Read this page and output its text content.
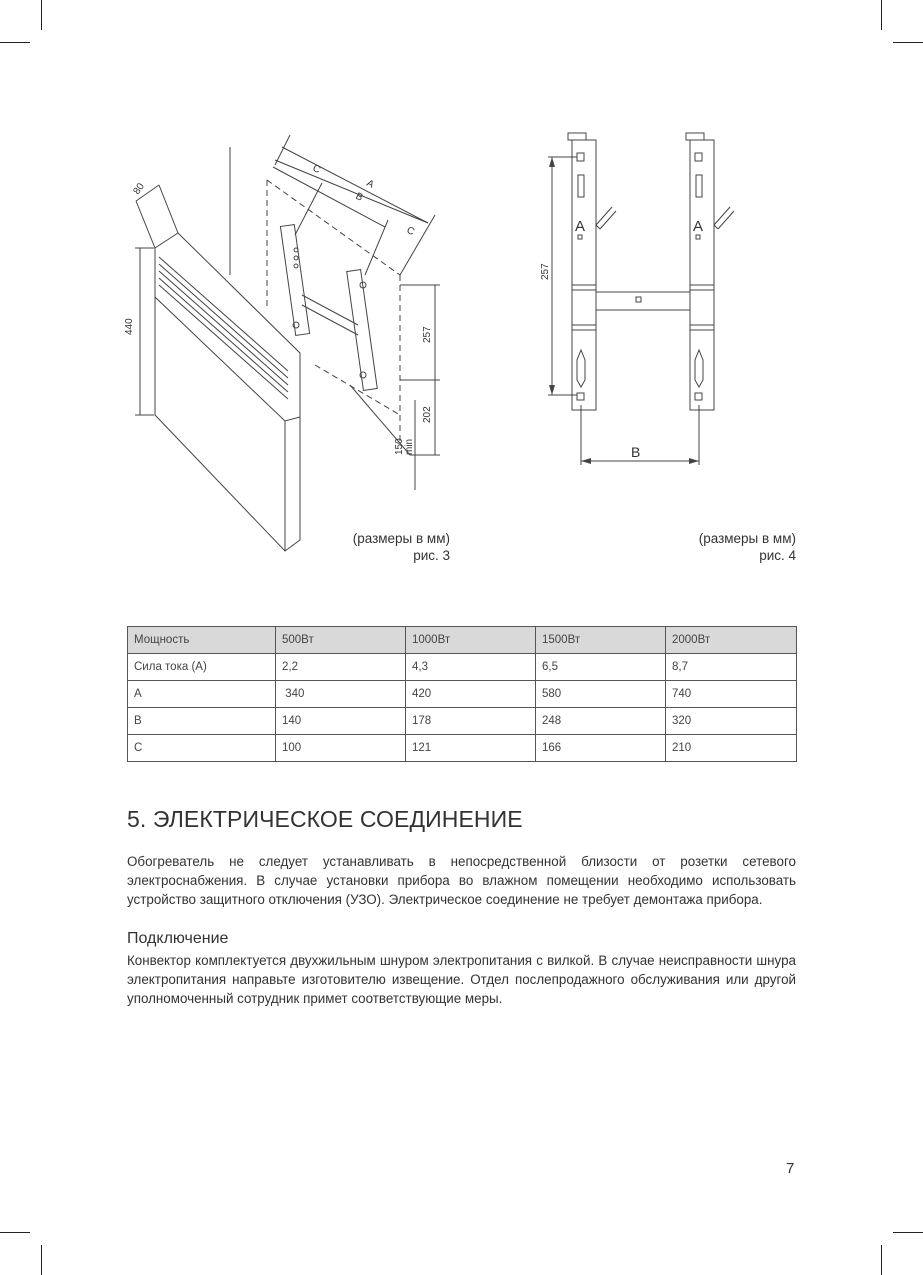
80
440
A
B
C
C
257
202
150 min
(размеры в мм)
рис. 3
A	A
257
B
(размеры в мм)
рис. 4
Мощность	500Вт	1000Вт	1500Вт	2000Вт
Сила тока (А)	2,2	4,3	6,5	8,7
A	340	420	580	740
B	140	178	248	320
C	100	121	166	210
5. ЭЛЕКТРИЧЕСКОЕ СОЕДИНЕНИЕ
Обогреватель не следует устанавливать в непосредственной близости от розетки сетевого электроснабжения. В случае установки прибора во влажном помещении необходимо использовать устройство защитного отключения (УЗО). Электрическое соединение не требует демонтажа прибора.
Подключение
Конвектор комплектуется двухжильным шнуром электропитания с вилкой. В случае неисправности шнура электропитания направьте изготовителю извещение. Отдел послепродажного обслуживания или другой уполномоченный сотрудник примет соответствующие меры.
7
